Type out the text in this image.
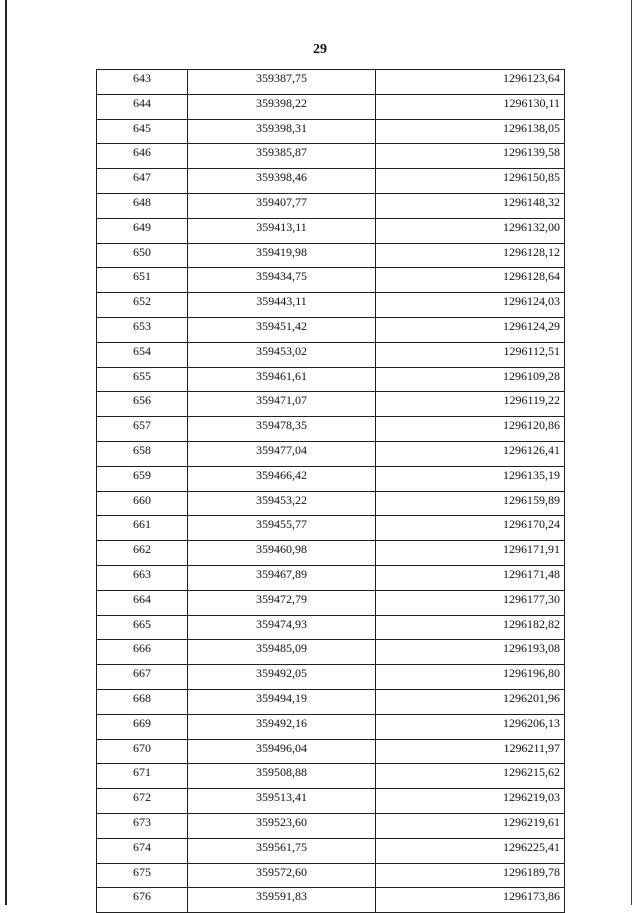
29
643	359387,75	1296123,64
644	359398,22	1296130,11
645	359398,31	1296138,05
646	359385,87	1296139,58
647	359398,46	1296150,85
648	359407,77	1296148,32
649	359413,11	1296132,00
650	359419,98	1296128,12
651	359434,75	1296128,64
652	359443,11	1296124,03
653	359451,42	1296124,29
654	359453,02	1296112,51
655	359461,61	1296109,28
656	359471,07	1296119,22
657	359478,35	1296120,86
658	359477,04	1296126,41
659	359466,42	1296135,19
660	359453,22	1296159,89
661	359455,77	1296170,24
662	359460,98	1296171,91
663	359467,89	1296171,48
664	359472,79	1296177,30
665	359474,93	1296182,82
666	359485,09	1296193,08
667	359492,05	1296196,80
668	359494,19	1296201,96
669	359492,16	1296206,13
670	359496,04	1296211,97
671	359508,88	1296215,62
672	359513,41	1296219,03
673	359523,60	1296219,61
674	359561,75	1296225,41
675	359572,60	1296189,78
676	359591,83	1296173,86
